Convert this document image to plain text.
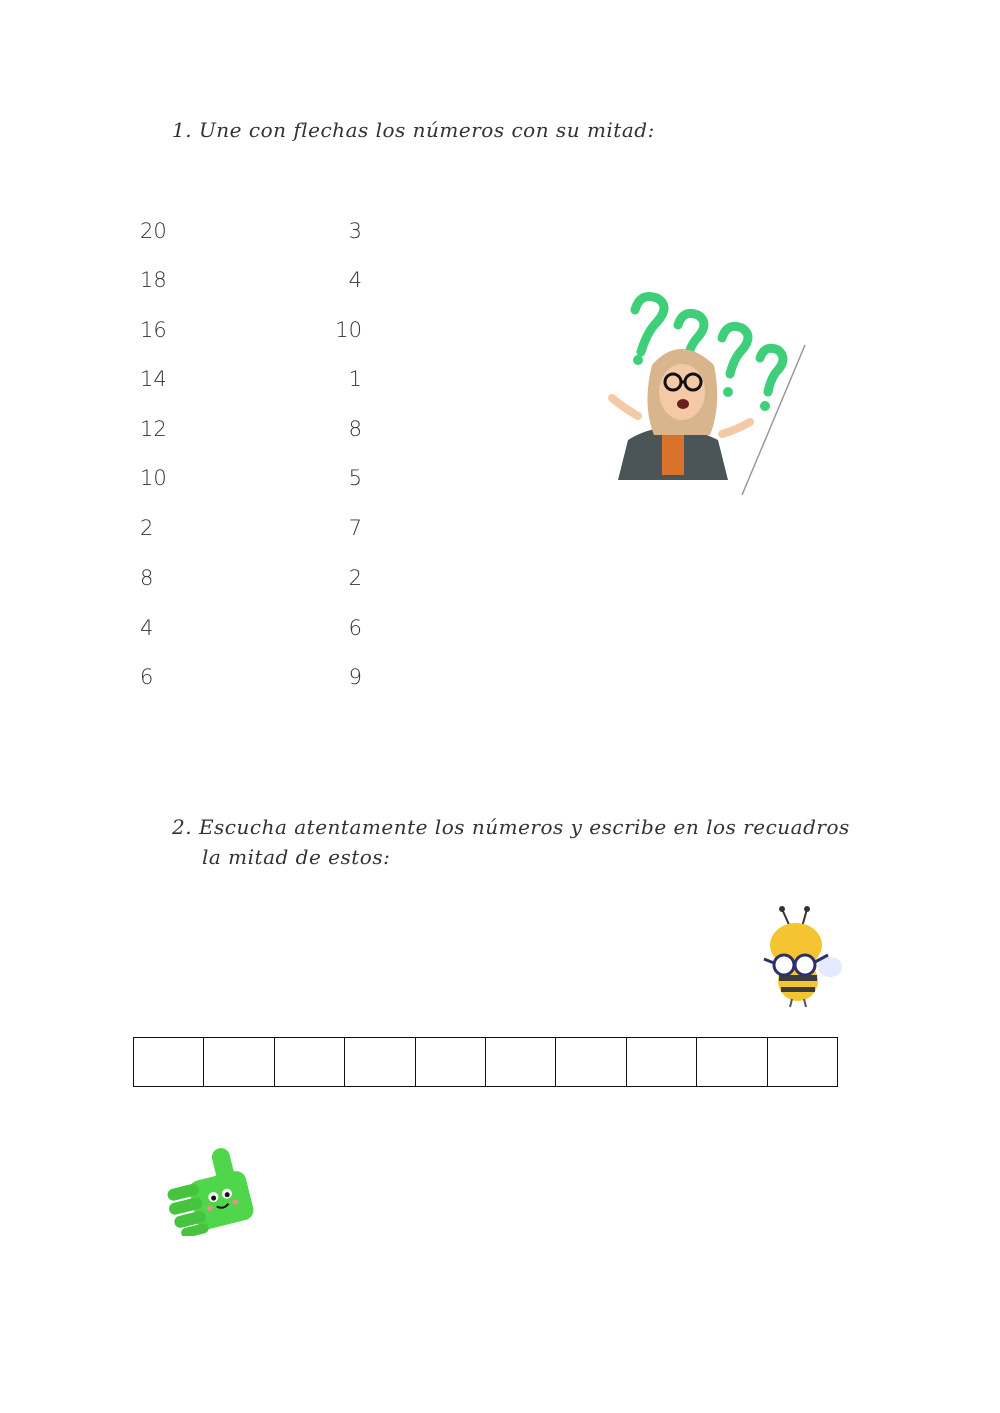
1. Une con flechas los números con su mitad:
20
18
16
14
12
10
2
8
4
6
3
4
10
1
8
5
7
2
6
9
2. Escucha atentamente los números y escribe en los recuadros
la mitad de estos:
